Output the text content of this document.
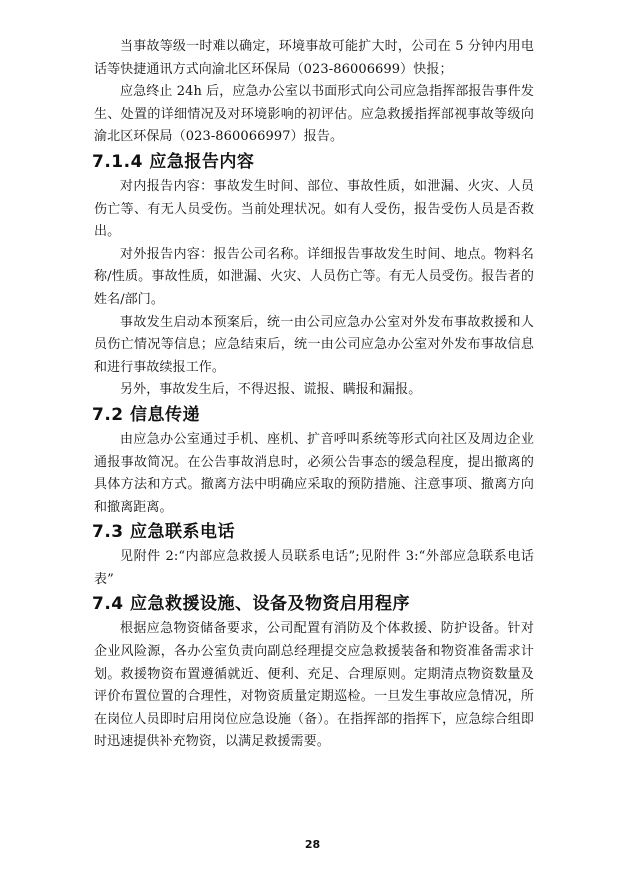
当事故等级一时难以确定，环境事故可能扩大时，公司在 5 分钟内用电话等快捷通讯方式向渝北区环保局（023-86006699）快报；

应急终止 24h 后，应急办公室以书面形式向公司应急指挥部报告事件发生、处置的详细情况及对环境影响的初评估。应急救援指挥部视事故等级向渝北区环保局（023-860066997）报告。

7.1.4 应急报告内容

对内报告内容：事故发生时间、部位、事故性质，如泄漏、火灾、人员伤亡等、有无人员受伤。当前处理状况。如有人受伤，报告受伤人员是否救出。

对外报告内容：报告公司名称。详细报告事故发生时间、地点。物料名称/性质。事故性质，如泄漏、火灾、人员伤亡等。有无人员受伤。报告者的姓名/部门。

事故发生启动本预案后，统一由公司应急办公室对外发布事故救援和人员伤亡情况等信息；应急结束后，统一由公司应急办公室对外发布事故信息和进行事故续报工作。

另外，事故发生后，不得迟报、谎报、瞒报和漏报。

7.2 信息传递

由应急办公室通过手机、座机、扩音呼叫系统等形式向社区及周边企业通报事故简况。在公告事故消息时，必须公告事态的缓急程度，提出撤离的具体方法和方式。撤离方法中明确应采取的预防措施、注意事项、撤离方向和撤离距离。

7.3 应急联系电话

见附件 2:“内部应急救援人员联系电话”;见附件 3:“外部应急联系电话表”

7.4 应急救援设施、设备及物资启用程序

根据应急物资储备要求，公司配置有消防及个体救援、防护设备。针对企业风险源，各办公室负责向副总经理提交应急救援装备和物资准备需求计划。救援物资布置遵循就近、便利、充足、合理原则。定期清点物资数量及评价布置位置的合理性，对物资质量定期巡检。一旦发生事故应急情况，所在岗位人员即时启用岗位应急设施（备）。在指挥部的指挥下，应急综合组即时迅速提供补充物资，以满足救援需要。

28
